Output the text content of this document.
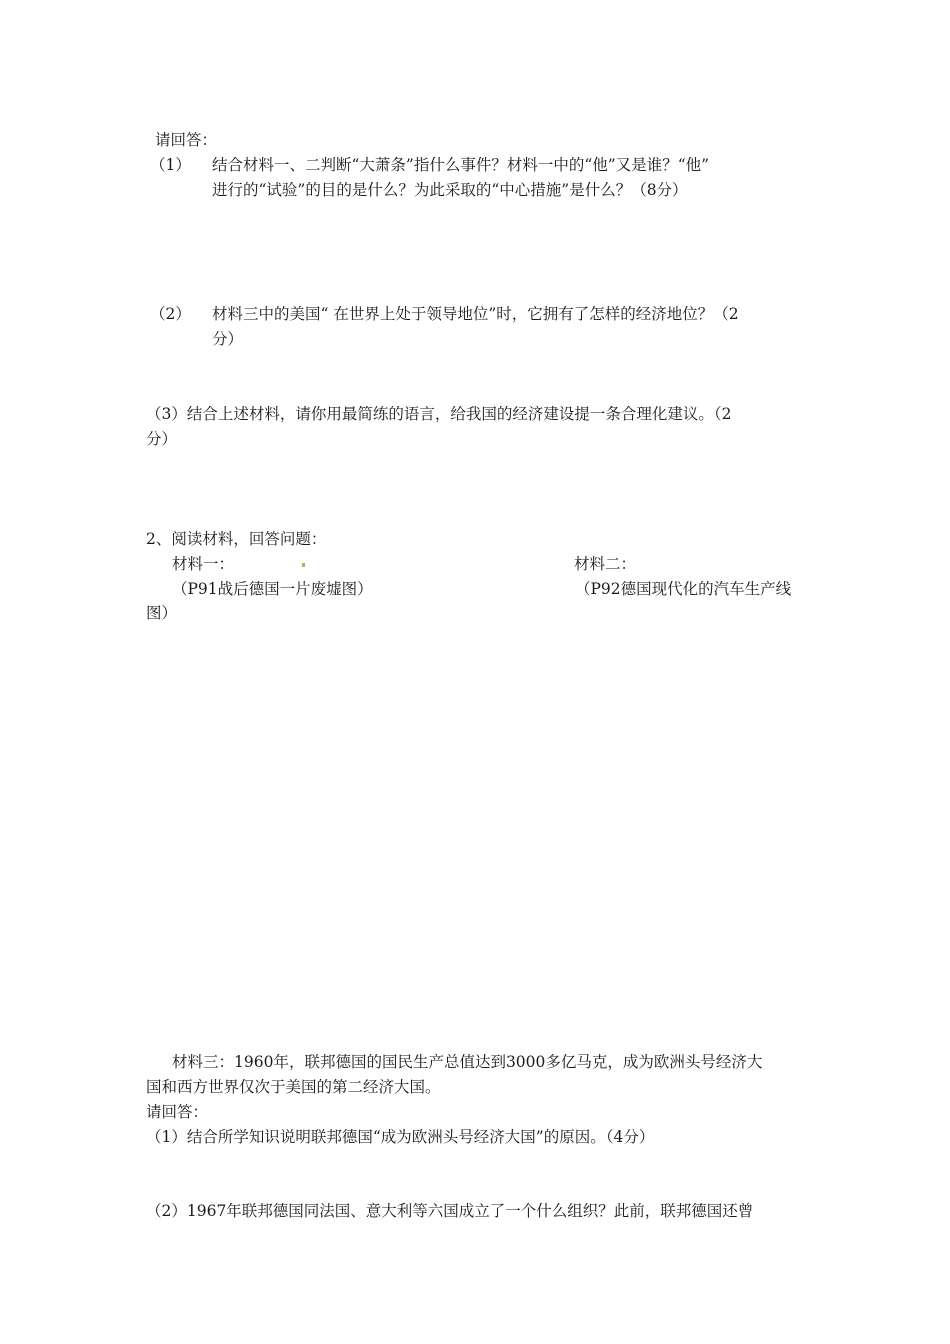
请回答：
（1） 结合材料一、二判断“大萧条”指什么事件？材料一中的“他”又是谁？“他”
进行的“试验”的目的是什么？为此采取的“中心措施”是什么？（8分）
（2） 材料三中的美国“ 在世界上处于领导地位”时，它拥有了怎样的经济地位？（2
分）
（3）结合上述材料，请你用最简练的语言，给我国的经济建设提一条合理化建议。（2
分）
2、阅读材料，回答问题：
材料一：	材料二：
（P91战后德国一片废墟图）	（P92德国现代化的汽车生产线
图）
材料三：1960年，联邦德国的国民生产总值达到3000多亿马克，成为欧洲头号经济大
国和西方世界仅次于美国的第二经济大国。
请回答：
（1）结合所学知识说明联邦德国“成为欧洲头号经济大国”的原因。（4分）
（2）1967年联邦德国同法国、意大利等六国成立了一个什么组织？此前，联邦德国还曾
